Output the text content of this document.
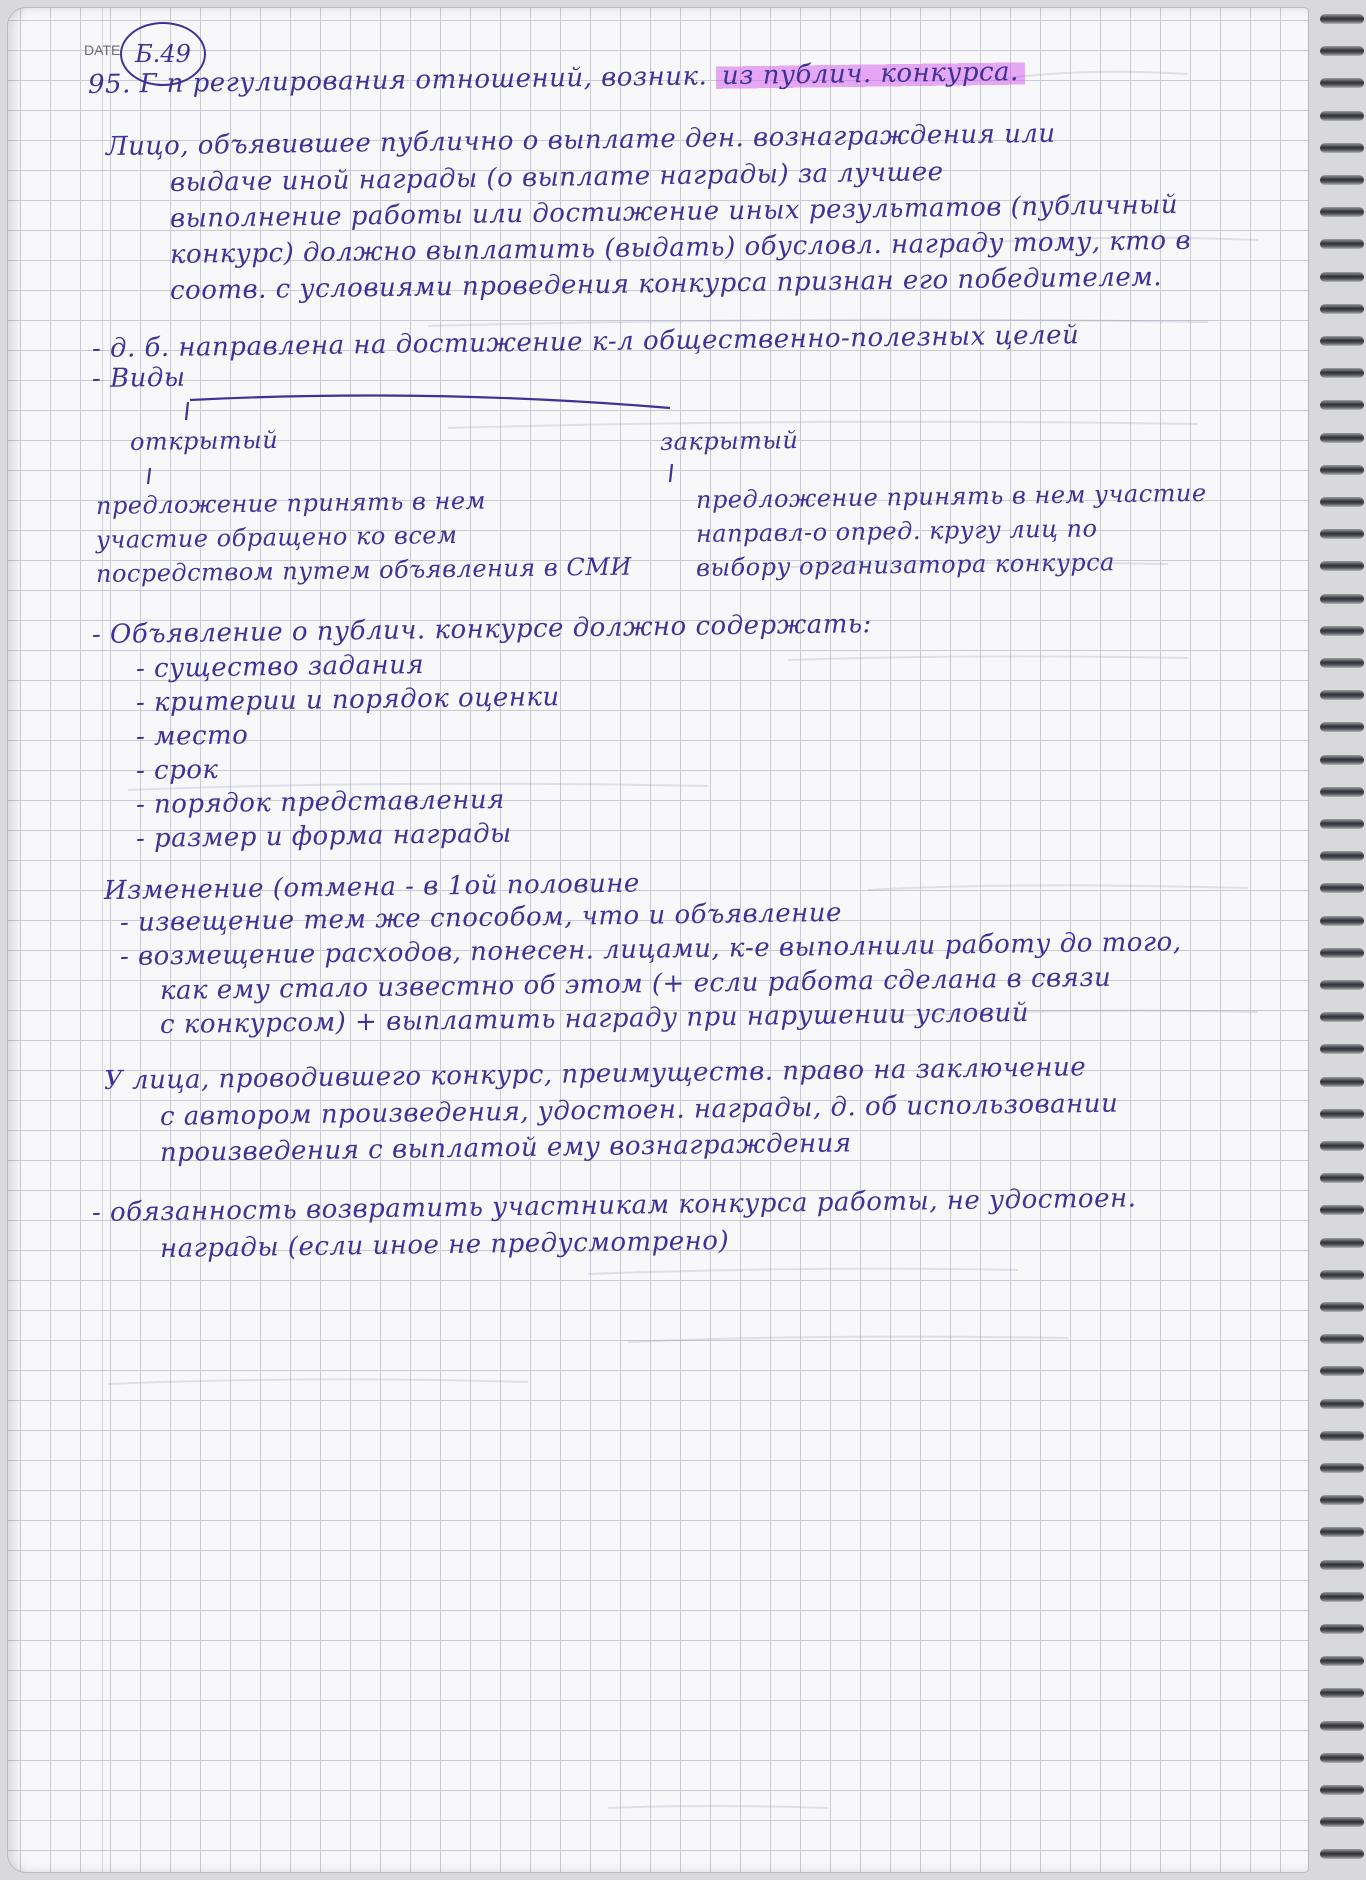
DATE Б.49
95. Г-п регулирования отношений, возник. из публич. конкурса.
Лицо, объявившее публично о выплате ден. вознаграждения или
выдаче иной награды (о выплате награды) за лучшее
выполнение работы или достижение иных результатов (публичный
конкурс) должно выплатить (выдать) обусловл. награду тому, кто в
соотв. с условиями проведения конкурса признан его победителем.
- д. б. направлена на достижение к-л общественно-полезных целей
- Виды
открытый	закрытый
предложение принять в нем
участие обращено ко всем
посредством путем объявления в СМИ
предложение принять в нем участие
направл-о опред. кругу лиц по
выбору организатора конкурса
- Объявление о публич. конкурсе должно содержать:
- существо задания
- критерии и порядок оценки
- место
- срок
- порядок представления
- размер и форма награды
Изменение (отмена - в 1ой половине
- извещение тем же способом, что и объявление
- возмещение расходов, понесен. лицами, к-е выполнили работу до того,
как ему стало известно об этом (+ если работа сделана в связи
с конкурсом) + выплатить награду при нарушении условий
У лица, проводившего конкурс, преимуществ. право на заключение
с автором произведения, удостоен. награды, д. об использовании
произведения с выплатой ему вознаграждения
- обязанность возвратить участникам конкурса работы, не удостоен.
награды (если иное не предусмотрено)
